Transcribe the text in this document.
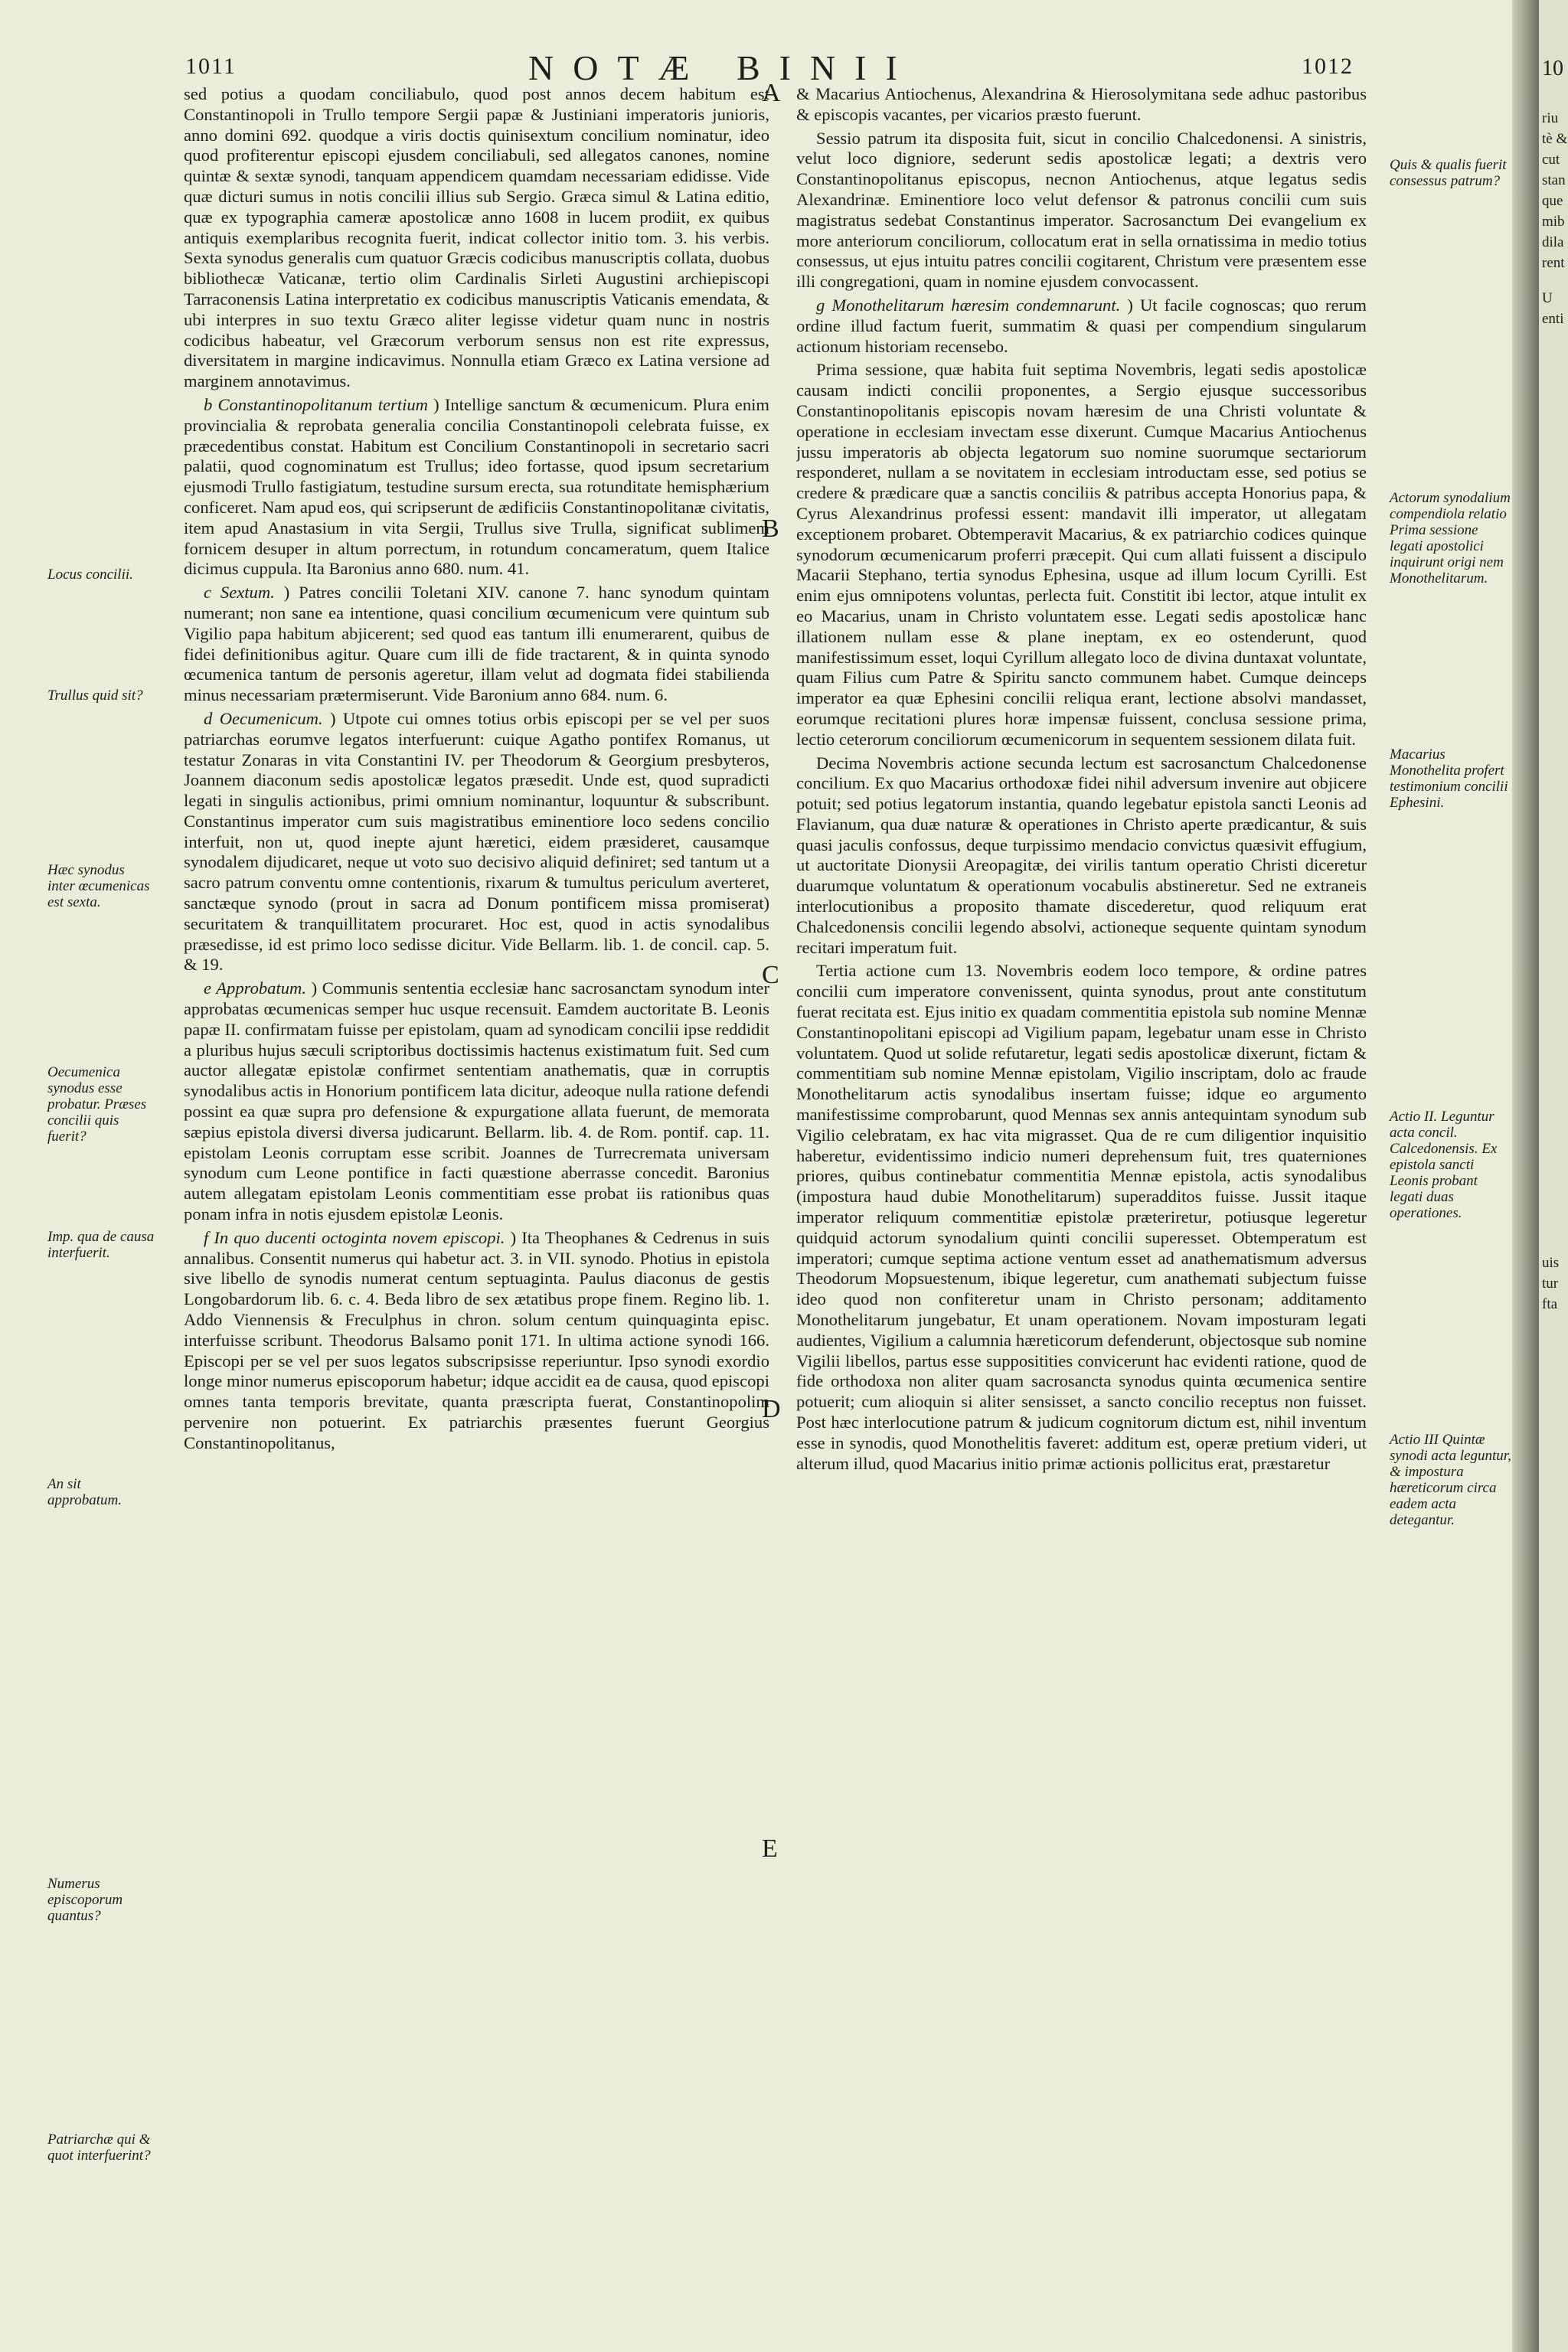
1011	NOTÆ BINII	1012
A
B
C
D
E

sed potius a quodam conciliabulo, quod post annos decem habitum est Constantinopoli in Trullo tempore Sergii papæ & Justiniani imperatoris junioris, anno domini 692. quodque a viris doctis quinisextum concilium nominatur, ideo quod profiterentur episcopi ejusdem conciliabuli, sed allegatos canones, nomine quintæ & sextæ synodi, tanquam appendicem quamdam necessariam edidisse. Vide quæ dicturi sumus in notis concilii illius sub Sergio. Græca simul & Latina editio, quæ ex typographia cameræ apostolicæ anno 1608 in lucem prodiit, ex quibus antiquis exemplaribus recognita fuerit, indicat collector initio tom. 3. his verbis. Sexta synodus generalis cum quatuor Græcis codicibus manuscriptis collata, duobus bibliothecæ Vaticanæ, tertio olim Cardinalis Sirleti Augustini archiepiscopi Tarraconensis Latina interpretatio ex codicibus manuscriptis Vaticanis emendata, & ubi interpres in suo textu Græco aliter legisse videtur quam nunc in nostris codicibus habeatur, vel Græcorum verborum sensus non est rite expressus, diversitatem in margine indicavimus. Nonnulla etiam Græco ex Latina versione ad marginem annotavimus.

b Constantinopolitanum tertium ) Intellige sanctum & œcumenicum. Plura enim provincialia & reprobata generalia concilia Constantinopoli celebrata fuisse, ex præcedentibus constat. Habitum est Concilium Constantinopoli in secretario sacri palatii, quod cognominatum est Trullus; ideo fortasse, quod ipsum secretarium ejusmodi Trullo fastigiatum, testudine sursum erecta, sua rotunditate hemisphærium conficeret. Nam apud eos, qui scripserunt de ædificiis Constantinopolitanæ civitatis, item apud Anastasium in vita Sergii, Trullus sive Trulla, significat sublimem fornicem desuper in altum porrectum, in rotundum concameratum, quem Italice dicimus cuppula. Ita Baronius anno 680. num. 41.

c Sextum. ) Patres concilii Toletani XIV. canone 7. hanc synodum quintam numerant; non sane ea intentione, quasi concilium œcumenicum vere quintum sub Vigilio papa habitum abjicerent; sed quod eas tantum illi enumerarent, quibus de fidei definitionibus agitur. Quare cum illi de fide tractarent, & in quinta synodo œcumenica tantum de personis ageretur, illam velut ad dogmata fidei stabilienda minus necessariam prætermiserunt. Vide Baronium anno 684. num. 6.

d Oecumenicum. ) Utpote cui omnes totius orbis episcopi per se vel per suos patriarchas eorumve legatos interfuerunt: cuique Agatho pontifex Romanus, ut testatur Zonaras in vita Constantini IV. per Theodorum & Georgium presbyteros, Joannem diaconum sedis apostolicæ legatos præsedit. Unde est, quod supradicti legati in singulis actionibus, primi omnium nominantur, loquuntur & subscribunt. Constantinus imperator cum suis magistratibus eminentiore loco sedens concilio interfuit, non ut, quod inepte ajunt hæretici, eidem præsideret, causamque synodalem dijudicaret, neque ut voto suo decisivo aliquid definiret; sed tantum ut a sacro patrum conventu omne contentionis, rixarum & tumultus periculum averteret, sanctæque synodo (prout in sacra ad Donum pontificem missa promiserat) securitatem & tranquillitatem procuraret. Hoc est, quod in actis synodalibus præsedisse, id est primo loco sedisse dicitur. Vide Bellarm. lib. 1. de concil. cap. 5. & 19.

e Approbatum. ) Communis sententia ecclesiæ hanc sacrosanctam synodum inter approbatas œcumenicas semper huc usque recensuit. Eamdem auctoritate B. Leonis papæ II. confirmatam fuisse per epistolam, quam ad synodicam concilii ipse reddidit a pluribus hujus sæculi scriptoribus doctissimis hactenus existimatum fuit. Sed cum auctor allegatæ epistolæ confirmet sententiam anathematis, quæ in corruptis synodalibus actis in Honorium pontificem lata dicitur, adeoque nulla ratione defendi possint ea quæ supra pro defensione & expurgatione allata fuerunt, de memorata sæpius epistola diversi diversa judicarunt. Bellarm. lib. 4. de Rom. pontif. cap. 11. epistolam Leonis corruptam esse scribit. Joannes de Turrecremata universam synodum cum Leone pontifice in facti quæstione aberrasse concedit. Baronius autem allegatam epistolam Leonis commentitiam esse probat iis rationibus quas ponam infra in notis ejusdem epistolæ Leonis.

f In quo ducenti octoginta novem episcopi. ) Ita Theophanes & Cedrenus in suis annalibus. Consentit numerus qui habetur act. 3. in VII. synodo. Photius in epistola sive libello de synodis numerat centum septuaginta. Paulus diaconus de gestis Longobardorum lib. 6. c. 4. Beda libro de sex ætatibus prope finem. Regino lib. 1. Addo Viennensis & Freculphus in chron. solum centum quinquaginta episc. interfuisse scribunt. Theodorus Balsamo ponit 171. In ultima actione synodi 166. Episcopi per se vel per suos legatos subscripsisse reperiuntur. Ipso synodi exordio longe minor numerus episcoporum habetur; idque accidit ea de causa, quod episcopi omnes tanta temporis brevitate, quanta præscripta fuerat, Constantinopolim pervenire non potuerint. Ex patriarchis præsentes fuerunt Georgius Constantinopolitanus,

& Macarius Antiochenus, Alexandrina & Hierosolymitana sede adhuc pastoribus & episcopis vacantes, per vicarios præsto fuerunt.

Sessio patrum ita disposita fuit, sicut in concilio Chalcedonensi. A sinistris, velut loco digniore, sederunt sedis apostolicæ legati; a dextris vero Constantinopolitanus episcopus, necnon Antiochenus, atque legatus sedis Alexandrinæ. Eminentiore loco velut defensor & patronus concilii cum suis magistratus sedebat Constantinus imperator. Sacrosanctum Dei evangelium ex more anteriorum conciliorum, collocatum erat in sella ornatissima in medio totius consessus, ut ejus intuitu patres concilii cogitarent, Christum vere præsentem esse illi congregationi, quam in nomine ejusdem convocassent.

g Monothelitarum hæresim condemnarunt. ) Ut facile cognoscas; quo rerum ordine illud factum fuerit, summatim & quasi per compendium singularum actionum historiam recensebo.

Prima sessione, quæ habita fuit septima Novembris, legati sedis apostolicæ causam indicti concilii proponentes, a Sergio ejusque successoribus Constantinopolitanis episcopis novam hæresim de una Christi voluntate & operatione in ecclesiam invectam esse dixerunt. Cumque Macarius Antiochenus jussu imperatoris ab objecta legatorum suo nomine suorumque sectariorum responderet, nullam a se novitatem in ecclesiam introductam esse, sed potius se credere & prædicare quæ a sanctis conciliis & patribus accepta Honorius papa, & Cyrus Alexandrinus professi essent: mandavit illi imperator, ut allegatam exceptionem probaret. Obtemperavit Macarius, & ex patriarchio codices quinque synodorum œcumenicarum proferri præcepit. Qui cum allati fuissent a discipulo Macarii Stephano, tertia synodus Ephesina, usque ad illum locum Cyrilli. Est enim ejus omnipotens voluntas, perlecta fuit. Constitit ibi lector, atque intulit ex eo Macarius, unam in Christo voluntatem esse. Legati sedis apostolicæ hanc illationem nullam esse & plane ineptam, ex eo ostenderunt, quod manifestissimum esset, loqui Cyrillum allegato loco de divina duntaxat voluntate, quam Filius cum Patre & Spiritu sancto communem habet. Cumque deinceps imperator ea quæ Ephesini concilii reliqua erant, lectione absolvi mandasset, eorumque recitationi plures horæ impensæ fuissent, conclusa sessione prima, lectio ceterorum conciliorum œcumenicorum in sequentem sessionem dilata fuit.

Decima Novembris actione secunda lectum est sacrosanctum Chalcedonense concilium. Ex quo Macarius orthodoxæ fidei nihil adversum invenire aut objicere potuit; sed potius legatorum instantia, quando legebatur epistola sancti Leonis ad Flavianum, qua duæ naturæ & operationes in Christo aperte prædicantur, & suis quasi jaculis confossus, deque turpissimo mendacio convictus quæsivit effugium, ut auctoritate Dionysii Areopagitæ, dei virilis tantum operatio Christi diceretur duarumque voluntatum & operationum vocabulis abstineretur. Sed ne extraneis interlocutionibus a proposito thamate discederetur, quod reliquum erat Chalcedonensis concilii legendo absolvi, actioneque sequente quintam synodum recitari imperatum fuit.

Tertia actione cum 13. Novembris eodem loco tempore, & ordine patres concilii cum imperatore convenissent, quinta synodus, prout ante constitutum fuerat recitata est. Ejus initio ex quadam commentitia epistola sub nomine Mennæ Constantinopolitani episcopi ad Vigilium papam, legebatur unam esse in Christo voluntatem. Quod ut solide refutaretur, legati sedis apostolicæ dixerunt, fictam & commentitiam sub nomine Mennæ epistolam, Vigilio inscriptam, dolo ac fraude Monothelitarum actis synodalibus insertam fuisse; idque eo argumento manifestissime comprobarunt, quod Mennas sex annis antequintam synodum sub Vigilio celebratam, ex hac vita migrasset. Qua de re cum diligentior inquisitio haberetur, evidentissimo indicio numeri deprehensum fuit, tres quaterniones priores, quibus continebatur commentitia Mennæ epistola, actis synodalibus (impostura haud dubie Monothelitarum) superadditos fuisse. Jussit itaque imperator reliquum commentitiæ epistolæ præteriretur, potiusque legeretur quidquid actorum synodalium quinti concilii superesset. Obtemperatum est imperatori; cumque septima actione ventum esset ad anathematismum adversus Theodorum Mopsuestenum, ibique legeretur, cum anathemati subjectum fuisse ideo quod non confiteretur unam in Christo personam; additamento Monothelitarum jungebatur, Et unam operationem. Novam imposturam legati audientes, Vigilium a calumnia hæreticorum defenderunt, objectosque sub nomine Vigilii libellos, partus esse suppositities convicerunt hac evidenti ratione, quod de fide orthodoxa non aliter quam sacrosancta synodus quinta œcumenica sentire potuerit; cum alioquin si aliter sensisset, a sancto concilio receptus non fuisset. Post hæc interlocutione patrum & judicum cognitorum dictum est, nihil inventum esse in synodis, quod Monothelitis faveret: additum est, operæ pretium videri, ut alterum illud, quod Macarius initio primæ actionis pollicitus erat, præstaretur

Locus concilii.
Trullus quid sit?
Hæc synodus inter œcumenicas est sexta.
Oecumenica synodus esse probatur. Præses concilii quis fuerit?
Imp. qua de causa interfuerit.
An sit approbatum.
Numerus episcoporum quantus?
Patriarchæ qui & quot interfuerint?
Quis & qualis fuerit consessus patrum?
Actorum synodalium compendiola relatio Prima sessione legati apostolici inquirunt origi nem Monothelitarum.
Macarius Monothelita profert testimonium concilii Ephesini.
Actio II. Leguntur acta concil. Calcedonensis. Ex epistola sancti Leonis probant legati duas operationes.
Actio III Quintæ synodi acta leguntur, & impostura hæreticorum circa eadem acta detegantur.
10
riu
tè &
cut
stan
que
mib
dila
rent
U
enti
uis
tur
fta
